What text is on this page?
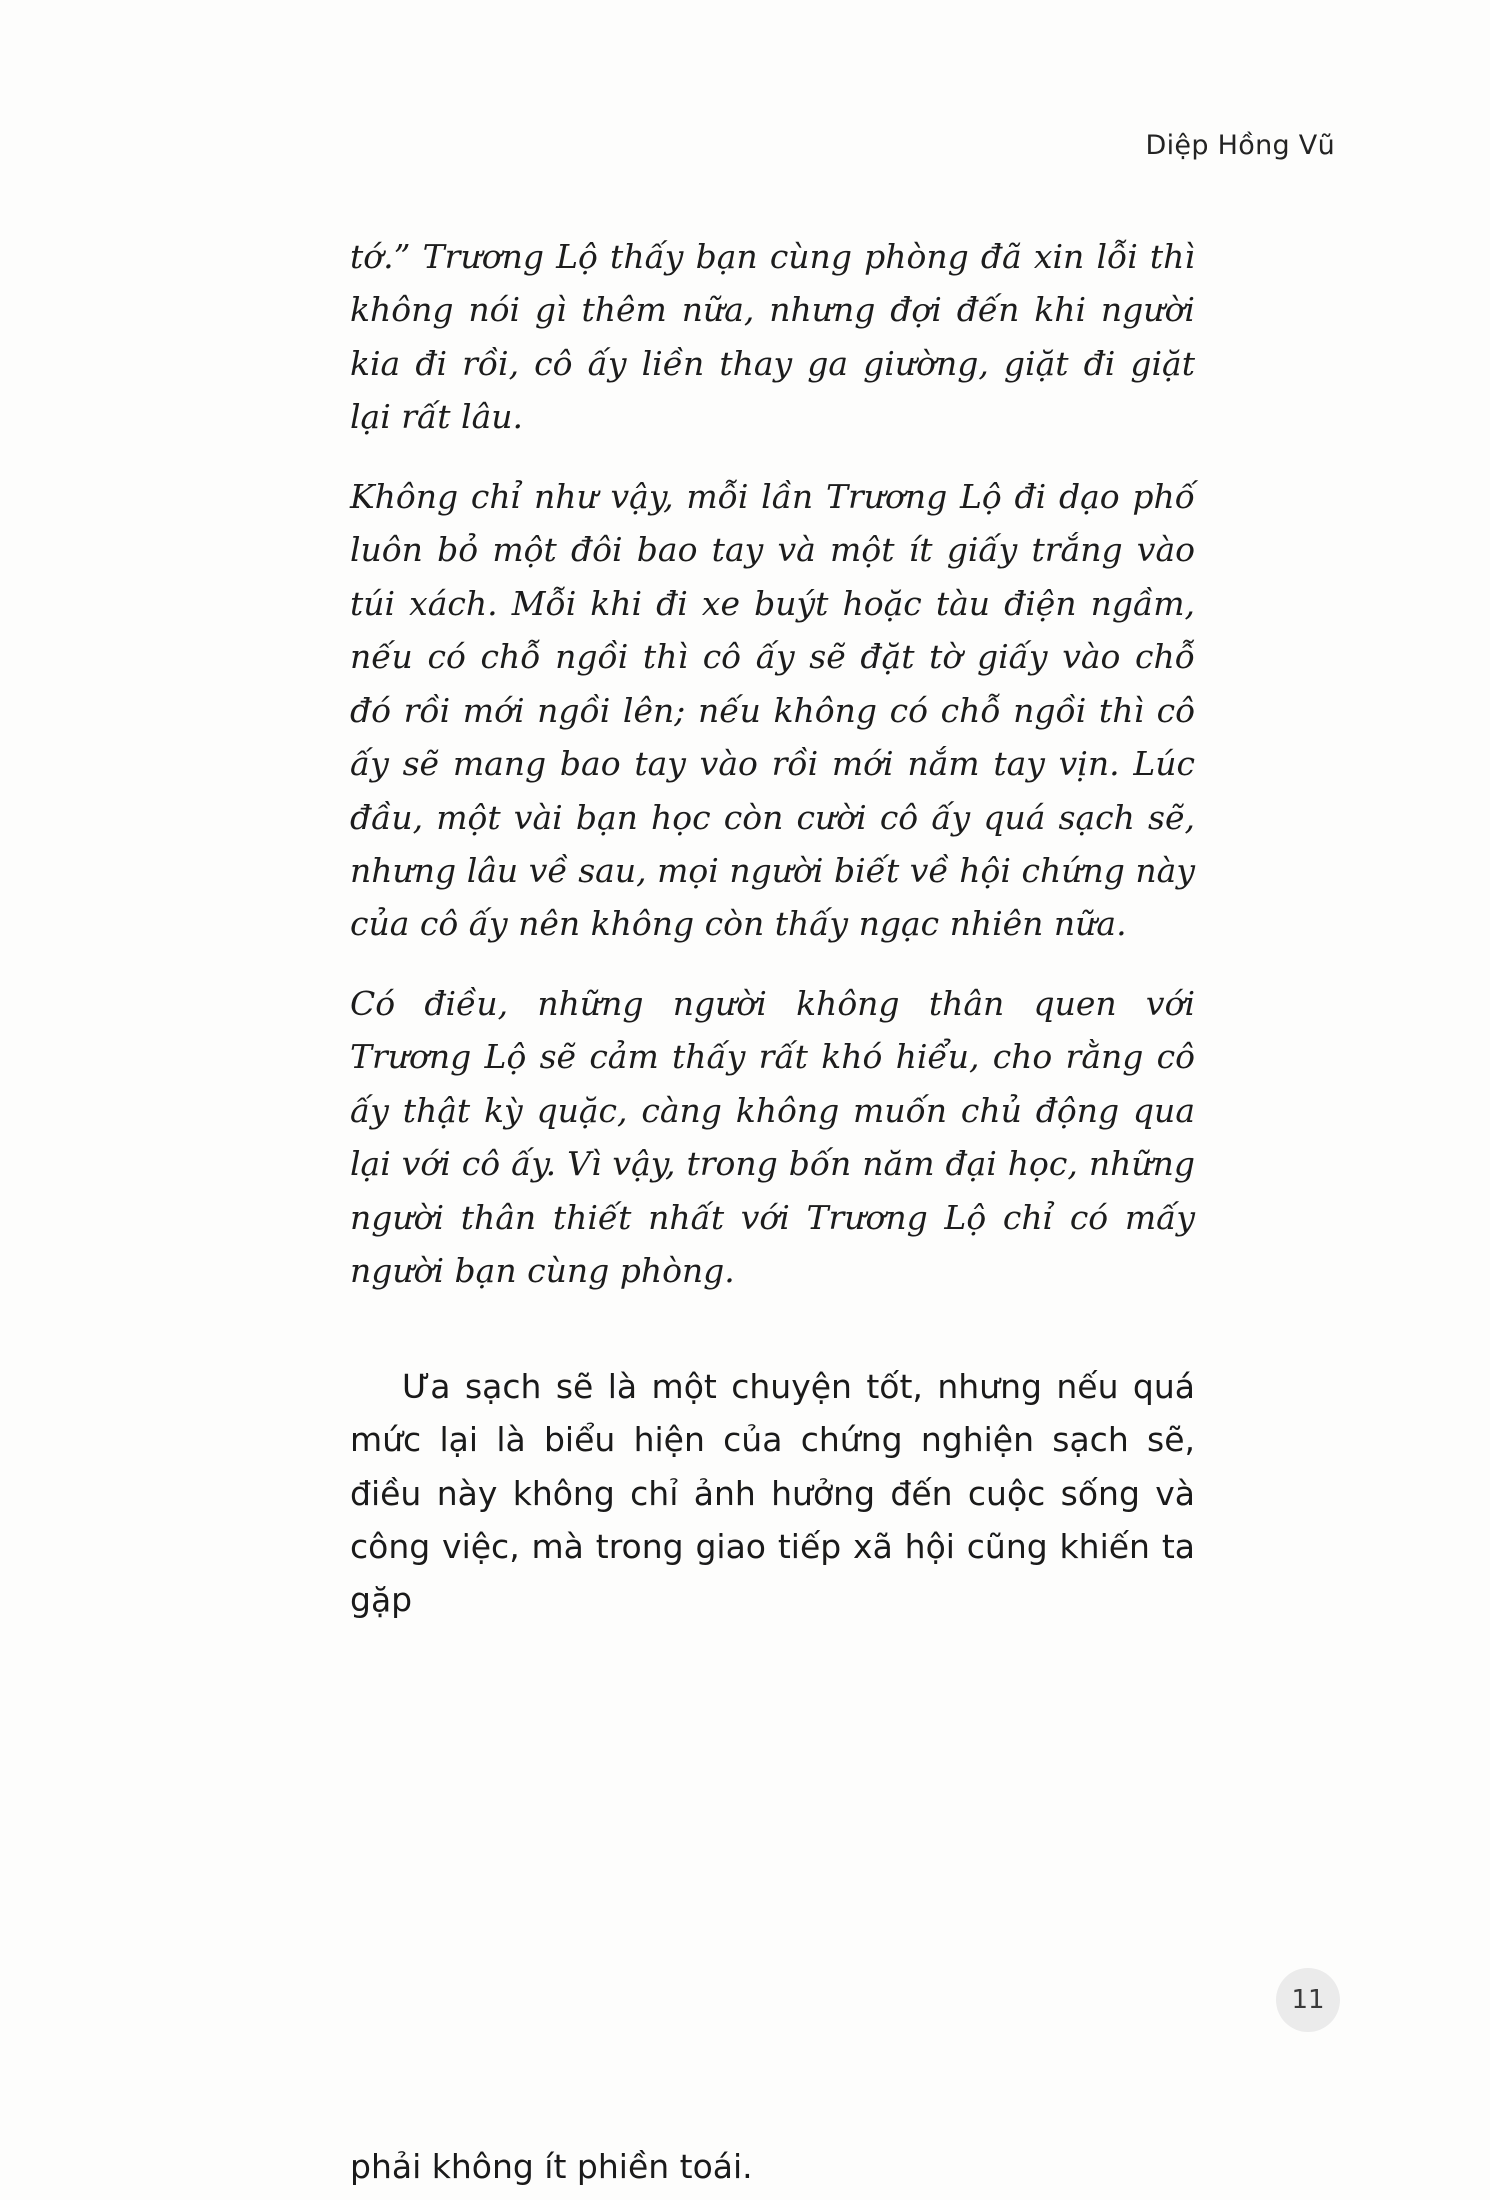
Diệp Hồng Vũ

tớ.” Trương Lộ thấy bạn cùng phòng đã xin lỗi thì không nói gì thêm nữa, nhưng đợi đến khi người kia đi rồi, cô ấy liền thay ga giường, giặt đi giặt lại rất lâu.

Không chỉ như vậy, mỗi lần Trương Lộ đi dạo phố luôn bỏ một đôi bao tay và một ít giấy trắng vào túi xách. Mỗi khi đi xe buýt hoặc tàu điện ngầm, nếu có chỗ ngồi thì cô ấy sẽ đặt tờ giấy vào chỗ đó rồi mới ngồi lên; nếu không có chỗ ngồi thì cô ấy sẽ mang bao tay vào rồi mới nắm tay vịn. Lúc đầu, một vài bạn học còn cười cô ấy quá sạch sẽ, nhưng lâu về sau, mọi người biết về hội chứng này của cô ấy nên không còn thấy ngạc nhiên nữa.

Có điều, những người không thân quen với Trương Lộ sẽ cảm thấy rất khó hiểu, cho rằng cô ấy thật kỳ quặc, càng không muốn chủ động qua lại với cô ấy. Vì vậy, trong bốn năm đại học, những người thân thiết nhất với Trương Lộ chỉ có mấy người bạn cùng phòng.

Ưa sạch sẽ là một chuyện tốt, nhưng nếu quá mức lại là biểu hiện của chứng nghiện sạch sẽ, điều này không chỉ ảnh hưởng đến cuộc sống và công việc, mà trong giao tiếp xã hội cũng khiến ta gặp

phải không ít phiền toái.
11
